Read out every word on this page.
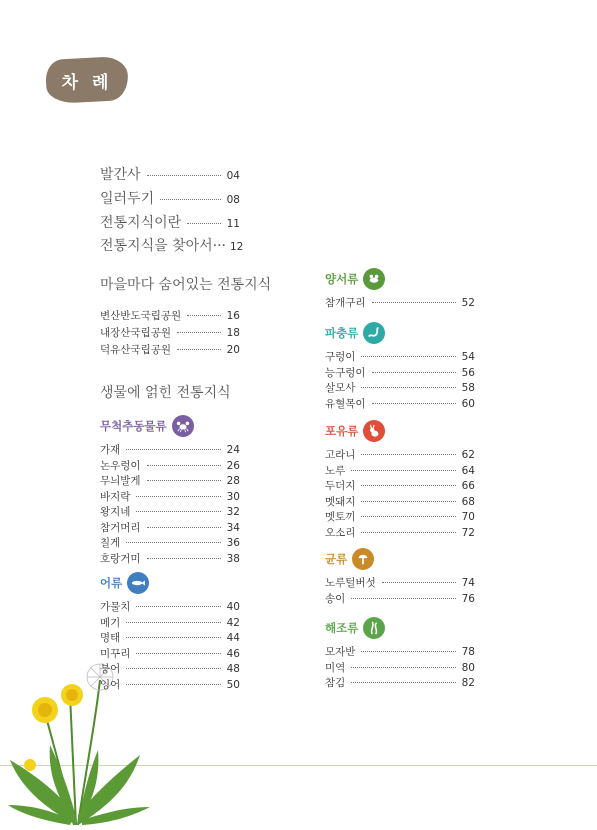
차 례
발간사	04
일러두기	08
전통지식이란	11
전통지식을 찾아서··· 12
마을마다 숨어있는 전통지식
변산반도국립공원	16
내장산국립공원	18
덕유산국립공원	20
생물에 얽힌 전통지식
무척추동물류
가재	24
논우렁이	26
무늬발게	28
바지락	30
왕지네	32
참거머리	34
칠게	36
호랑거미	38
어류
가물치	40
메기	42
명태	44
미꾸리	46
붕어	48
잉어	50
양서류
참개구리	52
파충류
구렁이	54
능구렁이	56
살모사	58
유혈목이	60
포유류
고라니	62
노루	64
두더지	66
멧돼지	68
멧토끼	70
오소리	72
균류
노루털버섯	74
송이	76
해조류
모자반	78
미역	80
참김	82
